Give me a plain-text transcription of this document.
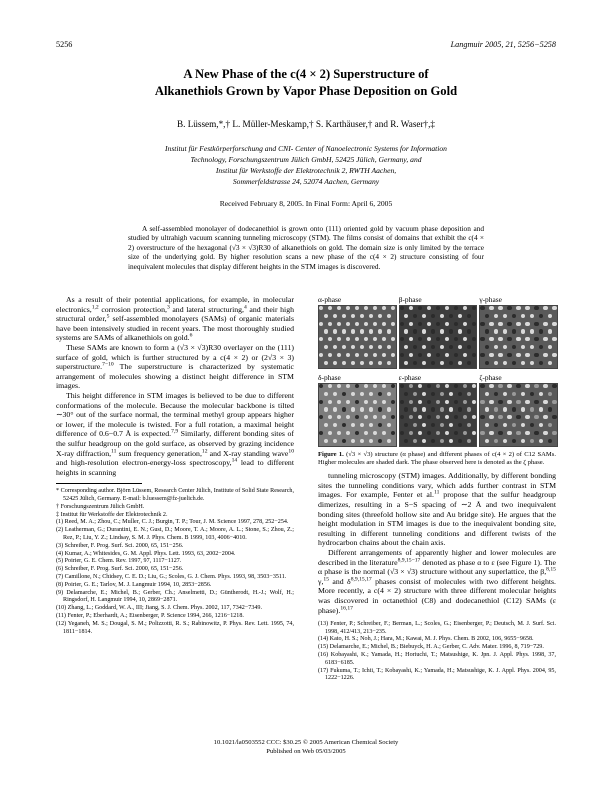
5256	Langmuir 2005, 21, 5256−5258
A New Phase of the c(4 × 2) Superstructure of
Alkanethiols Grown by Vapor Phase Deposition on Gold
B. Lüssem,*,† L. Müller-Meskamp,† S. Karthäuser,† and R. Waser†,‡
Institut für Festkörperforschung and CNI- Center of Nanoelectronic Systems for Information
Technology, Forschungszentrum Jülich GmbH, 52425 Jülich, Germany, and
Institut für Werkstoffe der Elektrotechnik 2, RWTH Aachen,
Sommerfeldstrasse 24, 52074 Aachen, Germany
Received February 8, 2005. In Final Form: April 6, 2005
A self-assembled monolayer of dodecanethiol is grown onto (111) oriented gold by vacuum phase deposition and studied by ultrahigh vacuum scanning tunneling microscopy (STM). The films consist of domains that exhibit the c(4 × 2) overstructure of the hexagonal (√3 × √3)R30 of alkanethiols on gold. The domain size is only limited by the terrace size of the underlying gold. By higher resolution scans a new phase of the c(4 × 2) structure consisting of four inequivalent molecules that display different heights in the STM images is discovered.

As a result of their potential applications, for example, in molecular electronics,$^{1,2}$ corrosion protection,$^3$ and lateral structuring,$^4$ and their high structural order,$^5$ self-assembled monolayers (SAMs) of organic materials have been intensively studied in recent years. The most thoroughly studied systems are SAMs of alkanethiols on gold.$^6$

These SAMs are known to form a (√3 × √3)R30 overlayer on the (111) surface of gold, which is further structured by a c(4 × 2) or (2√3 × 3) superstructure.$^{7-10}$ The superstructure is characterized by systematic arrangement of molecules showing a distinct height difference in STM images.

This height difference in STM images is believed to be due to different conformations of the molecule. Because the molecular backbone is tilted ∼30° out of the surface normal, the terminal methyl group appears higher or lower, if the molecule is twisted. For a full rotation, a maximal height difference of 0.6−0.7 Å is expected.$^{7,9}$ Similarly, different bonding sites of the sulfur headgroup on the gold surface, as observed by grazing incidence X-ray diffraction,$^{11}$ sum frequency generation,$^{12}$ and X-ray standing wave$^{10}$ and high-resolution electron-energy-loss spectroscopy,$^{14}$ lead to different heights in scanning

* Corresponding author. Björn Lüssem, Research Center Jülich, Institute of Solid State Research, 52425 Jülich, Germany. E-mail: b.luessem@fz-juelich.de.

† Forschungszentrum Jülich GmbH.

‡ Institut für Werkstoffe der Elektrotechnik 2.

(1) Reed, M. A.; Zhou, C.; Muller, C. J.; Burgin, T. P.; Tour, J. M. Science 1997, 278, 252−254.

(2) Leatherman, G.; Durantini, E. N.; Gust, D.; Moore, T. A.; Moore, A. L.; Stone, S.; Zhou, Z.; Rez, P.; Liu, Y. Z.; Lindsay, S. M. J. Phys. Chem. B 1999, 103, 4006−4010.

(3) Schreiber, F. Prog. Surf. Sci. 2000, 65, 151−256.

(4) Kumar, A.; Whitesides, G. M. Appl. Phys. Lett. 1993, 63, 2002−2004.

(5) Poirier, G. E. Chem. Rev. 1997, 97, 1117−1127.

(6) Schreiber, F. Prog. Surf. Sci. 2000, 65, 151−256.

(7) Camillone, N.; Chidsey, C. E. D.; Liu, G.; Scoles, G. J. Chem. Phys. 1993, 98, 3503−3511.

(8) Poirier, G. E.; Tarlov, M. J. Langmuir 1994, 10, 2853−2856.

(9) Delamarche, E.; Michel, B.; Gerber, Ch.; Anselmetti, D.; Güntherodt, H.-J.; Wolf, H.; Ringsdorf, H. Langmuir 1994, 10, 2869−2871.

(10) Zhang, L.; Goddard, W. A., III; Jiang, S. J. Chem. Phys. 2002, 117, 7342−7349.

(11) Fenter, P.; Eberhardt, A.; Eisenberger, P. Science 1994, 266, 1216−1218.

(12) Yeganeh, M. S.; Dougal, S. M.; Polizzotti, R. S.; Rabinowitz, P. Phys. Rev. Lett. 1995, 74, 1811−1814.

α-phase	β-phase	γ-phase
δ-phase	ε-phase	ζ-phase
Figure 1. (√3 × √3) structure (α phase) and different phases of c(4 × 2) of C12 SAMs. Higher molecules are shaded dark. The phase observed here is denoted as the ζ phase.

tunneling microscopy (STM) images. Additionally, by different bonding sites the tunneling conditions vary, which adds further contrast in STM images. For example, Fenter et al.$^{11}$ propose that the sulfur headgroup dimerizes, resulting in a S−S spacing of ∼2 Å and two inequivalent bonding sites (threefold hollow site and Au bridge site). He argues that the height modulation in STM images is due to the inequivalent bonding site, resulting in different tunneling conditions and different twists of the hydrocarbon chains about the chain axis.

Different arrangements of apparently higher and lower molecules are described in the literature$^{8,9,15-17}$ denoted as phase α to ε (see Figure 1). The α phase is the normal (√3 × √3) structure without any superlattice, the β,$^{8,15}$ γ,$^{15}$ and $\delta^{8,9,15,17}$ phases consist of molecules with two different heights. More recently, a c(4 × 2) structure with three different molecular heights was discovered in octanethiol (C8) and dodecanethiol (C12) SAMs (ε phase).$^{16,17}$

(13) Fenter, P.; Schreiber, F.; Berman, L.; Scoles, G.; Eisenberger, P.; Deutsch, M. J. Surf. Sci. 1998, 412/413, 213−235.

(14) Kato, H. S.; Noh, J.; Hara, M.; Kawai, M. J. Phys. Chem. B 2002, 106, 9655−9658.

(15) Delamarche, E.; Michel, B.; Biebuyck, H. A.; Gerber, C. Adv. Mater. 1996, 8, 719−729.

(16) Kobayashi, K.; Yamada, H.; Horiuchi, T.; Matsushige, K. Jpn. J. Appl. Phys. 1998, 37, 6183−6185.

(17) Fukuma, T.; Ichii, T.; Kobayashi, K.; Yamada, H.; Matsushige, K. J. Appl. Phys. 2004, 95, 1222−1226.

10.1021/la0503552 CCC: $30.25 © 2005 American Chemical Society
Published on Web 05/03/2005
